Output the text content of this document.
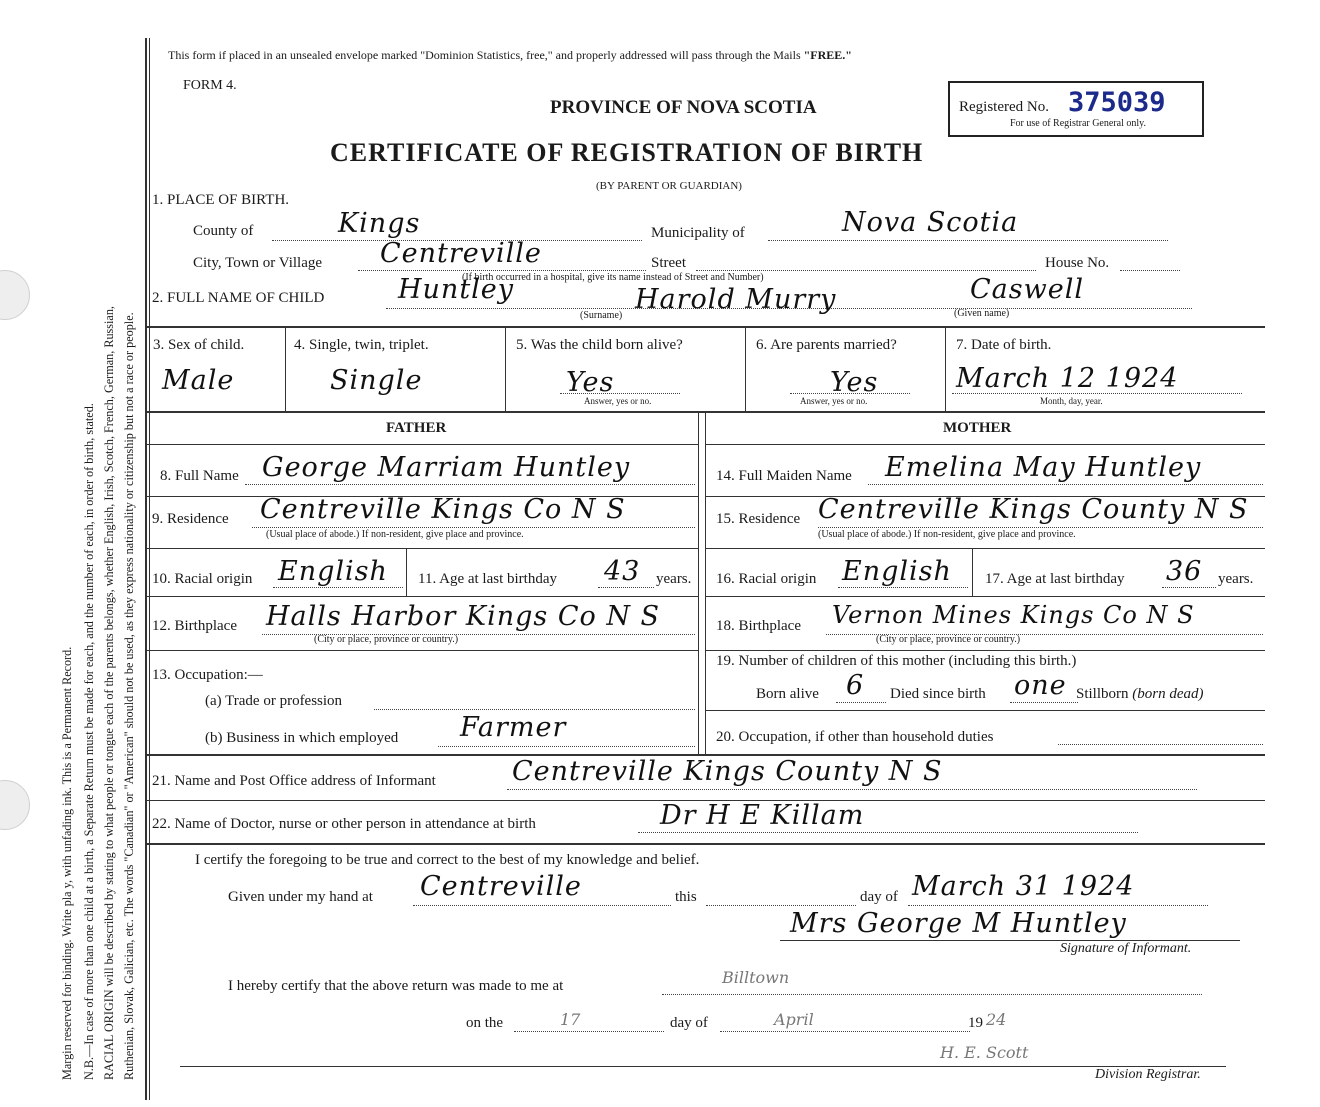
Margin reserved for binding. Write pla y, with unfading ink. This is a Permanent Record. N.B.—In case of more than one child at a birth, a Separate Return must be made for each, and the number of each, in order of birth, stated. RACIAL ORIGIN will be described by stating to what people or tongue each of the parents belongs, whether English, Irish, Scotch, French, German, Russian, Ruthenian, Slovak, Galician, etc. The words "Canadian" or "American" should not be used, as they express nationality or citizenship but not a race or people.
This form if placed in an unsealed envelope marked "Dominion Statistics, free," and properly addressed will pass through the Mails "FREE."
FORM 4.
PROVINCE OF NOVA SCOTIA
CERTIFICATE OF REGISTRATION OF BIRTH
(BY PARENT OR GUARDIAN)
Registered No. 375039
For use of Registrar General only.
1. PLACE OF BIRTH.
County of	Kings	Municipality of	Nova Scotia
City, Town or Village Centreville	Street	House No.
(If birth occurred in a hospital, give its name instead of Street and Number)
2. FULL NAME OF CHILD	Huntley	Harold Murry	Caswell
(Surname)	(Given name)
3. Sex of child.
Male
4. Single, twin, triplet.
Single
5. Was the child born alive?
Yes
Answer, yes or no.
6. Are parents married?
Yes
Answer, yes or no.
7. Date of birth.
March 12 1924
Month, day, year.
FATHER	MOTHER
8. Full Name George Marriam Huntley
9. Residence Centreville Kings Co N S
(Usual place of abode.) If non-resident, give place and province.
10. Racial origin English 11. Age at last birthday 43 years.
12. Birthplace Halls Harbor Kings Co N S
(City or place, province or country.)
13. Occupation:—
(a) Trade or profession
(b) Business in which employed Farmer
14. Full Maiden Name Emelina May Huntley
15. Residence Centreville Kings County N S
(Usual place of abode.) If non-resident, give place and province.
16. Racial origin English 17. Age at last birthday 36 years.
18. Birthplace Vernon Mines Kings Co N S
(City or place, province or country.)
19. Number of children of this mother (including this birth.)
Born alive 6 Died since birth one Stillborn (born dead)
20. Occupation, if other than household duties
21. Name and Post Office address of Informant	Centreville Kings County N S
22. Name of Doctor, nurse or other person in attendance at birth	Dr H E Killam
I certify the foregoing to be true and correct to the best of my knowledge and belief.
Given under my hand at Centreville	this	day of March 31 1924
Mrs George M Huntley
Signature of Informant.
I hereby certify that the above return was made to me at	Billtown
on the	17	day of	April	19 24
H. E. Scott
Division Registrar.
